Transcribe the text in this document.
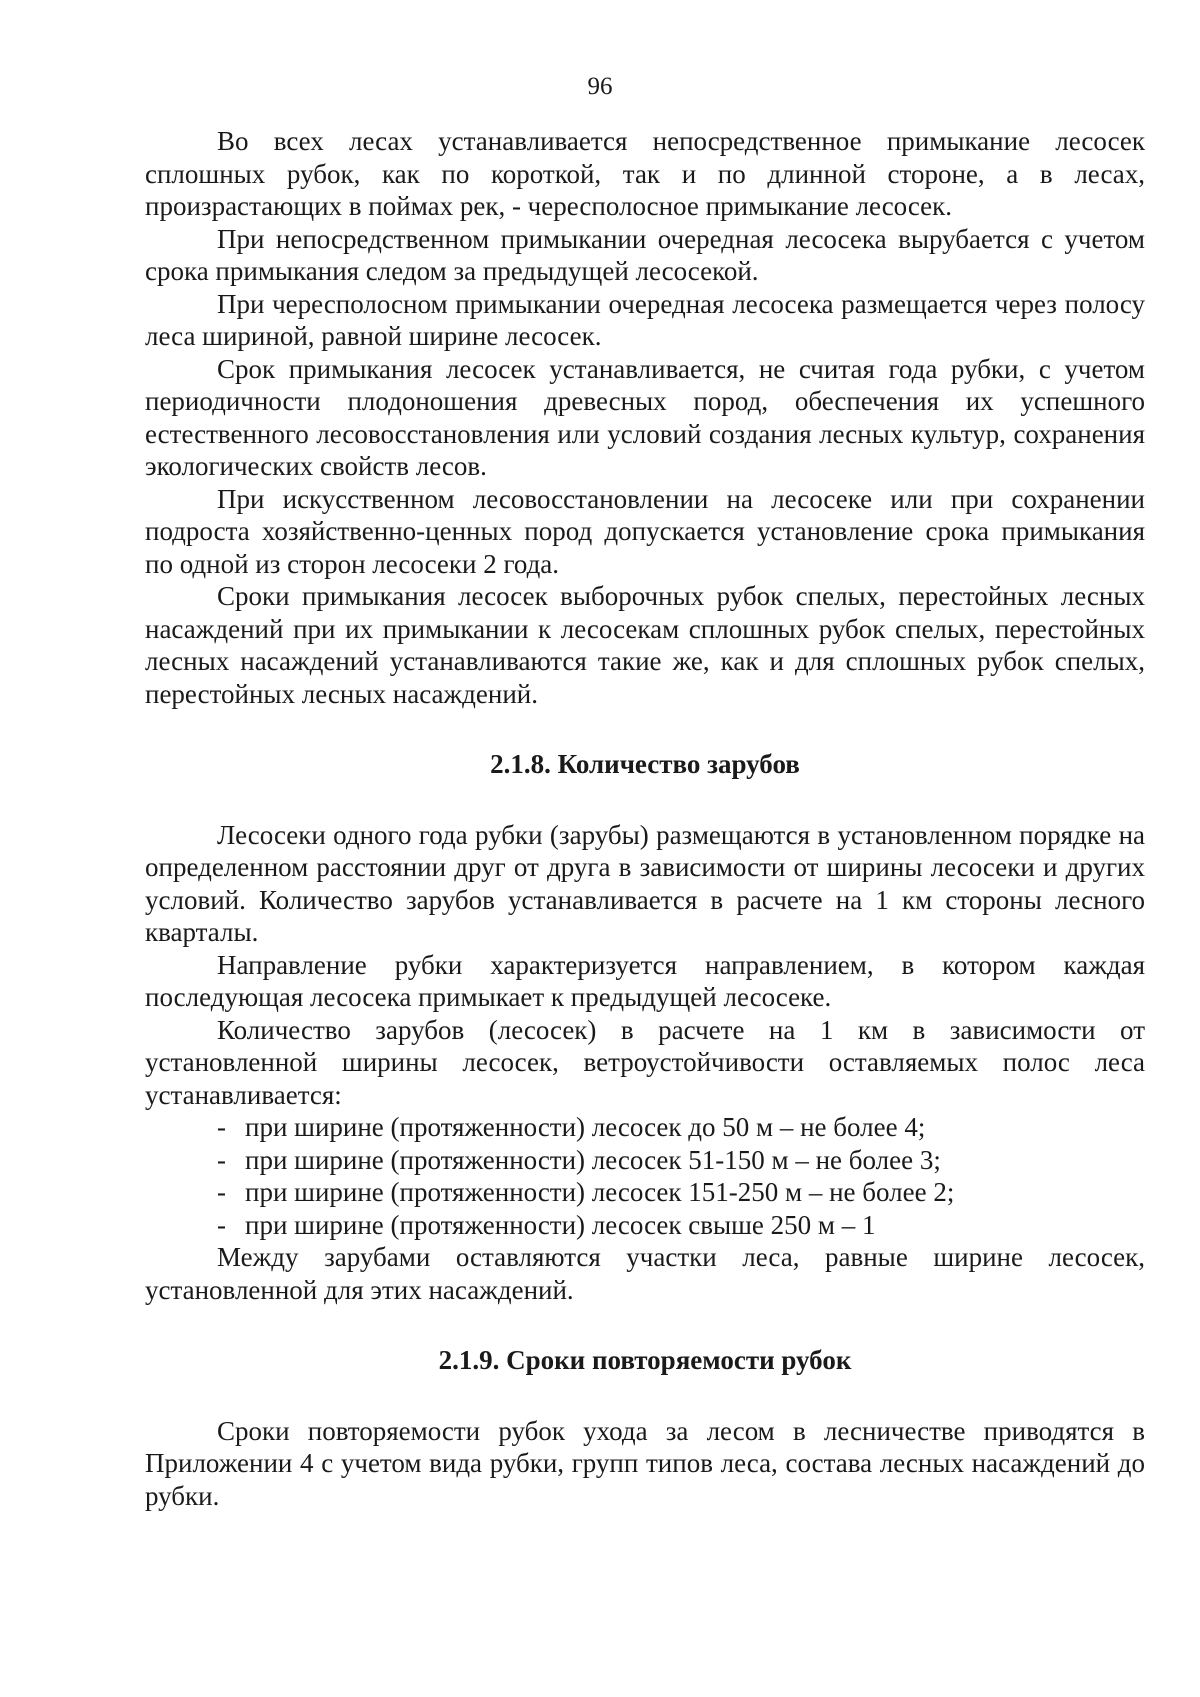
96

Во всех лесах устанавливается непосредственное примыкание лесосек сплошных рубок, как по короткой, так и по длинной стороне, а в лесах, произрастающих в поймах рек, - чересполосное примыкание лесосек.

При непосредственном примыкании очередная лесосека вырубается с учетом срока примыкания следом за предыдущей лесосекой.

При чересполосном примыкании очередная лесосека размещается через полосу леса шириной, равной ширине лесосек.

Срок примыкания лесосек устанавливается, не считая года рубки, с учетом периодичности плодоношения древесных пород, обеспечения их успешного естественного лесовосстановления или условий создания лесных культур, сохранения экологических свойств лесов.

При искусственном лесовосстановлении на лесосеке или при сохранении подроста хозяйственно-ценных пород допускается установление срока примыкания по одной из сторон лесосеки 2 года.

Сроки примыкания лесосек выборочных рубок спелых, перестойных лесных насаждений при их примыкании к лесосекам сплошных рубок спелых, перестойных лесных насаждений устанавливаются такие же, как и для сплошных рубок спелых, перестойных лесных насаждений.

2.1.8. Количество зарубов

Лесосеки одного года рубки (зарубы) размещаются в установленном порядке на определенном расстоянии друг от друга в зависимости от ширины лесосеки и других условий. Количество зарубов устанавливается в расчете на 1 км стороны лесного кварталы.

Направление рубки характеризуется направлением, в котором каждая последующая лесосека примыкает к предыдущей лесосеке.

Количество зарубов (лесосек) в расчете на 1 км в зависимости от установленной ширины лесосек, ветроустойчивости оставляемых полос леса устанавливается:

- при ширине (протяженности) лесосек до 50 м – не более 4;
- при ширине (протяженности) лесосек 51-150 м – не более 3;
- при ширине (протяженности) лесосек 151-250 м – не более 2;
- при ширине (протяженности) лесосек свыше 250 м – 1

Между зарубами оставляются участки леса, равные ширине лесосек, установленной для этих насаждений.

2.1.9. Сроки повторяемости рубок

Сроки повторяемости рубок ухода за лесом в лесничестве приводятся в Приложении 4 с учетом вида рубки, групп типов леса, состава лесных насаждений до рубки.
